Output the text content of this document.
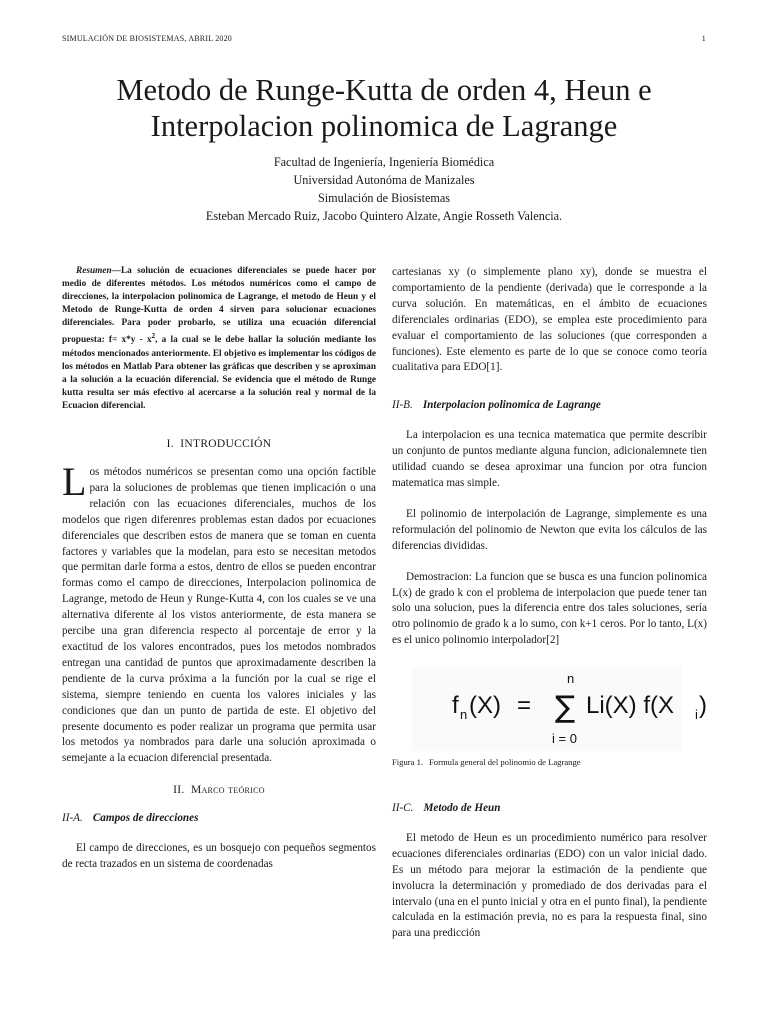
SIMULACIÓN DE BIOSISTEMAS, ABRIL 2020	1
Metodo de Runge-Kutta de orden 4, Heun e
Interpolacion polinomica de Lagrange
Facultad de Ingeniería, Ingeniería Biomédica
Universidad Autonóma de Manizales
Simulación de Biosistemas
Esteban Mercado Ruiz, Jacobo Quintero Alzate, Angie Rosseth Valencia.

Resumen—La solución de ecuaciones diferenciales se puede hacer por medio de diferentes métodos. Los métodos numéricos como el campo de direcciones, la interpolacion polinomica de Lagrange, el metodo de Heun y el Metodo de Runge-Kutta de orden 4 sirven para solucionar ecuaciones diferenciales. Para poder probarlo, se utiliza una ecuación diferencial propuesta: $f= x*y - x^2$, a la cual se le debe hallar la solución mediante los métodos mencionados anteriormente. El objetivo es implementar los códigos de los métodos en Matlab Para obtener las gráficas que describen y se aproximan a la solución a la ecuación diferencial. Se evidencia que el método de Runge kutta resulta ser más efectivo al acercarse a la solución real y normal de la Ecuacion diferencial.

I. INTRODUCCIÓN

Los métodos numéricos se presentan como una opción factible para la soluciones de problemas que tienen implicación o una relación con las ecuaciones diferenciales, muchos de los modelos que rigen diferenres problemas estan dados por ecuaciones diferenciales que describen estos de manera que se toman en cuenta factores y variables que la modelan, para esto se necesitan metodos que permitan darle forma a estos, dentro de ellos se pueden encontrar formas como el campo de direcciones, Interpolacion polinomica de Lagrange, metodo de Heun y Runge-Kutta 4, con los cuales se ve una alternativa diferente al los vistos anteriormente, de esta manera se percibe una gran diferencia respecto al porcentaje de error y la exactitud de los valores encontrados, pues los metodos nombrados entregan una cantidad de puntos que aproximadamente describen la pendiente de la curva próxima a la función por la cual se rige el sistema, siempre teniendo en cuenta los valores iniciales y las condiciones que dan un punto de partida de este. El objetivo del presente documento es poder realizar un programa que permita usar los metodos ya nombrados para darle una solución aproximada o semejante a la ecuacion diferencial presentada.

II. Marco teórico
II-A. Campos de direcciones

El campo de direcciones, es un bosquejo con pequeños segmentos de recta trazados en un sistema de coordenadas

cartesianas xy (o simplemente plano xy), donde se muestra el comportamiento de la pendiente (derivada) que le corresponde a la curva solución. En matemáticas, en el ámbito de ecuaciones diferenciales ordinarias (EDO), se emplea este procedimiento para evaluar el comportamiento de las soluciones (que corresponden a funciones). Este elemento es parte de lo que se conoce como teoría cualitativa para EDO[1].

II-B. Interpolacion polinomica de Lagrange

La interpolacion es una tecnica matematica que permite describir un conjunto de puntos mediante alguna funcion, adicionalemnete tien utilidad cuando se desea aproximar una funcion por otra funcion matematica mas simple.

El polinomio de interpolación de Lagrange, simplemente es una reformulación del polinomio de Newton que evita los cálculos de las diferencias divididas.

Demostracion: La funcion que se busca es una funcion polinomica L(x) de grado k con el problema de interpolacion que puede tener tan solo una solucion, pues la diferencia entre dos tales soluciones, sería otro polinomio de grado k a lo sumo, con k+1 ceros. Por lo tanto, L(x) es el unico polinomio interpolador[2]

f n (X) =
n
∑
i = 0
Li(X) f(X i )
Figura 1. Formula general del polinomio de Lagrange
II-C. Metodo de Heun

El metodo de Heun es un procedimiento numérico para resolver ecuaciones diferenciales ordinarias (EDO) con un valor inicial dado. Es un método para mejorar la estimación de la pendiente que involucra la determinación y promediado de dos derivadas para el intervalo (una en el punto inicial y otra en el punto final), la pendiente calculada en la estimación previa, no es para la respuesta final, sino para una predicción
